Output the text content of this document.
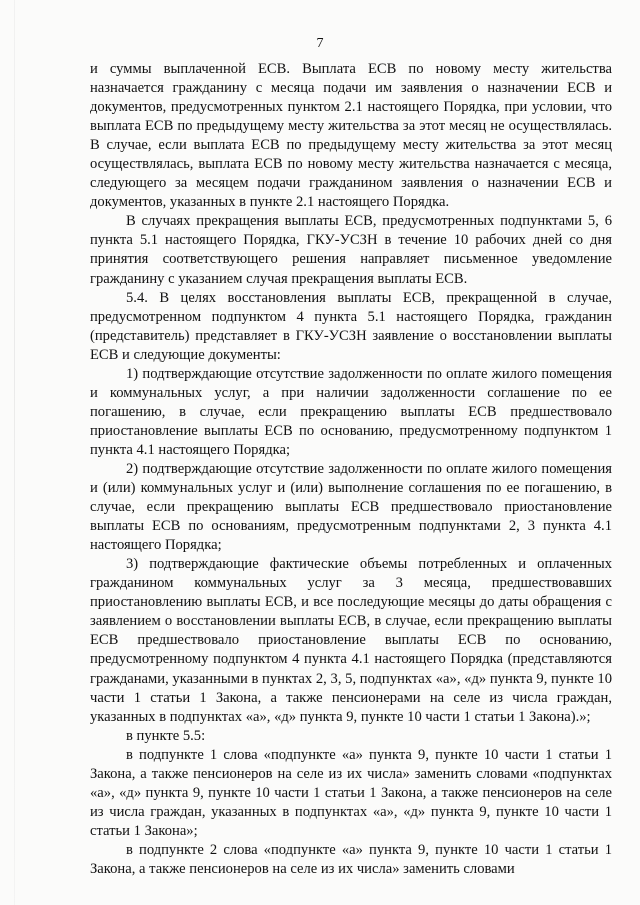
7

и суммы выплаченной ЕСВ. Выплата ЕСВ по новому месту жительства назначается гражданину с месяца подачи им заявления о назначении ЕСВ и документов, предусмотренных пунктом 2.1 настоящего Порядка, при условии, что выплата ЕСВ по предыдущему месту жительства за этот месяц не осуществлялась. В случае, если выплата ЕСВ по предыдущему месту жительства за этот месяц осуществлялась, выплата ЕСВ по новому месту жительства назначается с месяца, следующего за месяцем подачи гражданином заявления о назначении ЕСВ и документов, указанных в пункте 2.1 настоящего Порядка.

В случаях прекращения выплаты ЕСВ, предусмотренных подпунктами 5, 6 пункта 5.1 настоящего Порядка, ГКУ-УСЗН в течение 10 рабочих дней со дня принятия соответствующего решения направляет письменное уведомление гражданину с указанием случая прекращения выплаты ЕСВ.

5.4. В целях восстановления выплаты ЕСВ, прекращенной в случае, предусмотренном подпунктом 4 пункта 5.1 настоящего Порядка, гражданин (представитель) представляет в ГКУ-УСЗН заявление о восстановлении выплаты ЕСВ и следующие документы:

1) подтверждающие отсутствие задолженности по оплате жилого помещения и коммунальных услуг, а при наличии задолженности соглашение по ее погашению, в случае, если прекращению выплаты ЕСВ предшествовало приостановление выплаты ЕСВ по основанию, предусмотренному подпунктом 1 пункта 4.1 настоящего Порядка;

2) подтверждающие отсутствие задолженности по оплате жилого помещения и (или) коммунальных услуг и (или) выполнение соглашения по ее погашению, в случае, если прекращению выплаты ЕСВ предшествовало приостановление выплаты ЕСВ по основаниям, предусмотренным подпунктами 2, 3 пункта 4.1 настоящего Порядка;

3) подтверждающие фактические объемы потребленных и оплаченных гражданином коммунальных услуг за 3 месяца, предшествовавших приостановлению выплаты ЕСВ, и все последующие месяцы до даты обращения с заявлением о восстановлении выплаты ЕСВ, в случае, если прекращению выплаты ЕСВ предшествовало приостановление выплаты ЕСВ по основанию, предусмотренному подпунктом 4 пункта 4.1 настоящего Порядка (представляются гражданами, указанными в пунктах 2, 3, 5, подпунктах «а», «д» пункта 9, пункте 10 части 1 статьи 1 Закона, а также пенсионерами на селе из числа граждан, указанных в подпунктах «а», «д» пункта 9, пункте 10 части 1 статьи 1 Закона).»;

в пункте 5.5:

в подпункте 1 слова «подпункте «а» пункта 9, пункте 10 части 1 статьи 1 Закона, а также пенсионеров на селе из их числа» заменить словами «подпунктах «а», «д» пункта 9, пункте 10 части 1 статьи 1 Закона, а также пенсионеров на селе из числа граждан, указанных в подпунктах «а», «д» пункта 9, пункте 10 части 1 статьи 1 Закона»;

в подпункте 2 слова «подпункте «а» пункта 9, пункте 10 части 1 статьи 1 Закона, а также пенсионеров на селе из их числа» заменить словами
